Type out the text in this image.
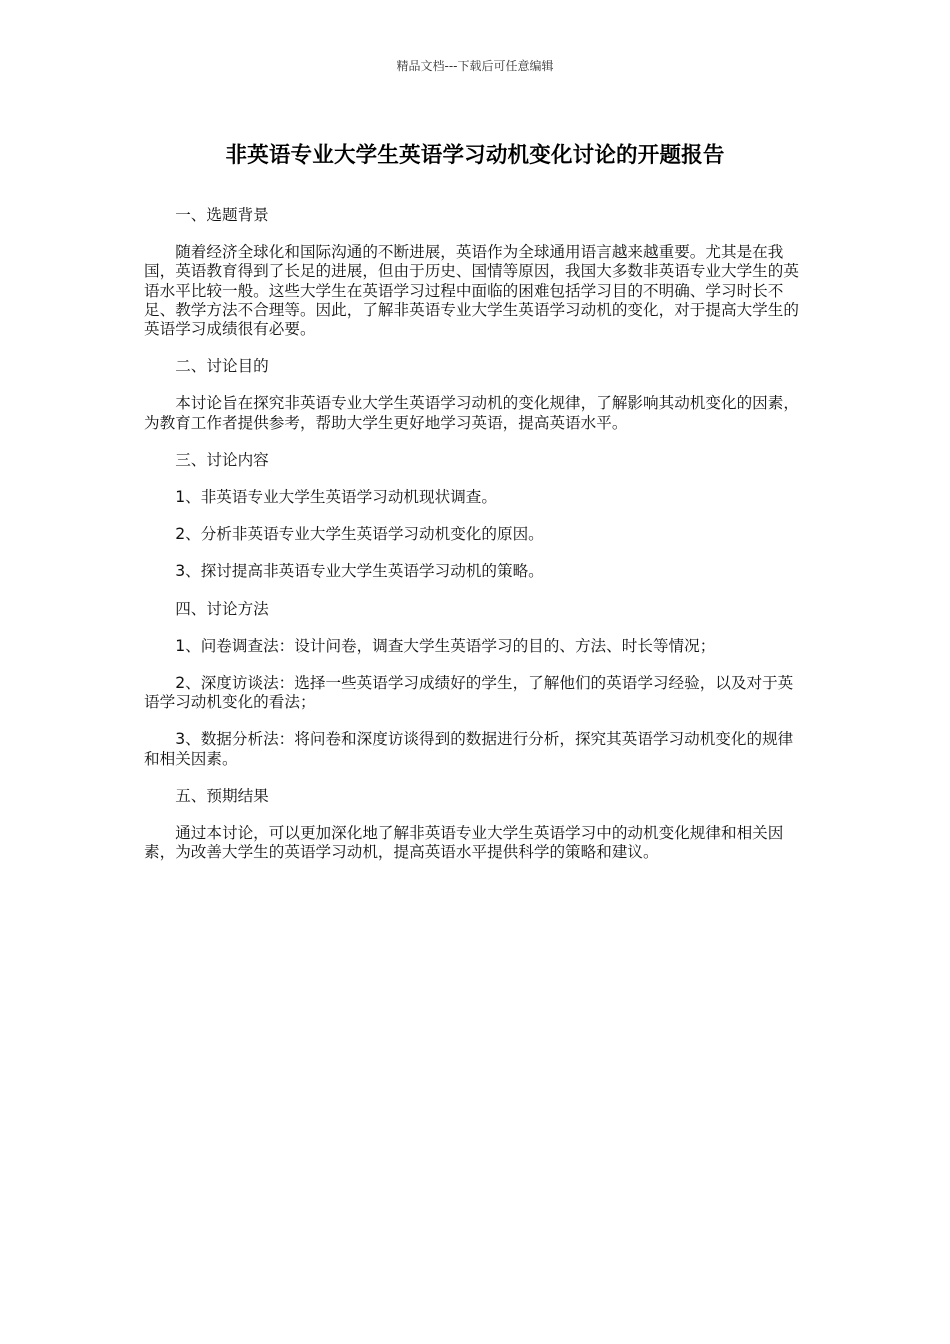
精品文档---下载后可任意编辑
非英语专业大学生英语学习动机变化讨论的开题报告

一、选题背景

随着经济全球化和国际沟通的不断进展，英语作为全球通用语言越来越重要。尤其是在我国，英语教育得到了长足的进展，但由于历史、国情等原因，我国大多数非英语专业大学生的英语水平比较一般。这些大学生在英语学习过程中面临的困难包括学习目的不明确、学习时长不足、教学方法不合理等。因此，了解非英语专业大学生英语学习动机的变化，对于提高大学生的英语学习成绩很有必要。

二、讨论目的

本讨论旨在探究非英语专业大学生英语学习动机的变化规律，了解影响其动机变化的因素，为教育工作者提供参考，帮助大学生更好地学习英语，提高英语水平。

三、讨论内容

1、非英语专业大学生英语学习动机现状调查。

2、分析非英语专业大学生英语学习动机变化的原因。

3、探讨提高非英语专业大学生英语学习动机的策略。

四、讨论方法

1、问卷调查法：设计问卷，调查大学生英语学习的目的、方法、时长等情况；

2、深度访谈法：选择一些英语学习成绩好的学生，了解他们的英语学习经验，以及对于英语学习动机变化的看法；

3、数据分析法：将问卷和深度访谈得到的数据进行分析，探究其英语学习动机变化的规律和相关因素。

五、预期结果

通过本讨论，可以更加深化地了解非英语专业大学生英语学习中的动机变化规律和相关因素，为改善大学生的英语学习动机，提高英语水平提供科学的策略和建议。
